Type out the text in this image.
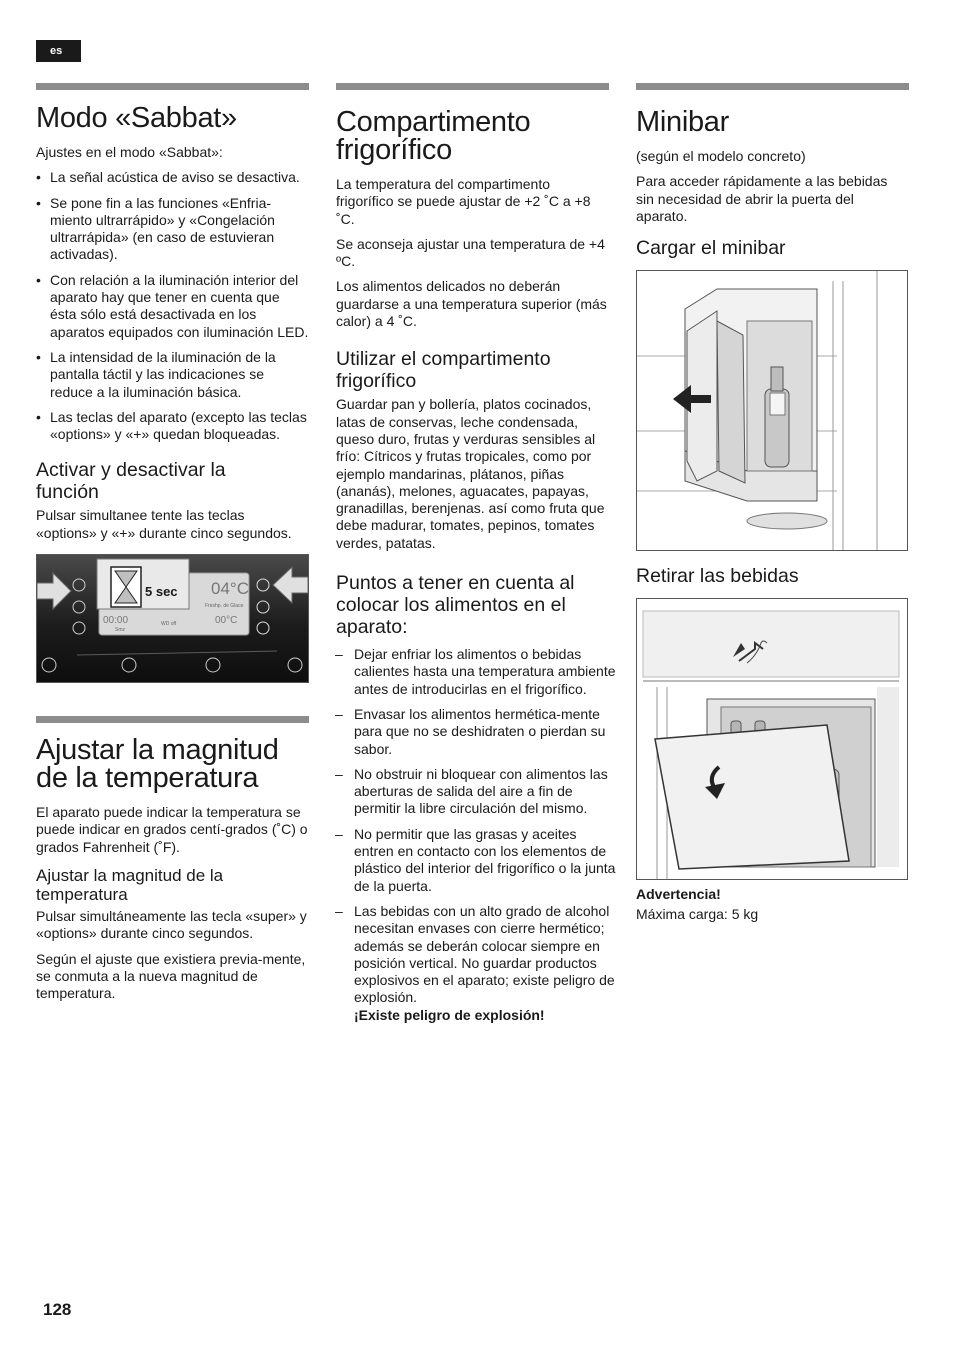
es
Modo «Sabbat»

Ajustes en el modo «Sabbat»:

• La señal acústica de aviso se desactiva.
• Se pone fin a las funciones «Enfria-miento ultrarrápido» y «Congelación ultrarrápida» (en caso de estuvieran activadas).
• Con relación a la iluminación interior del aparato hay que tener en cuenta que ésta sólo está desactivada en los aparatos equipados con iluminación LED.
• La intensidad de la iluminación de la pantalla táctil y las indicaciones se reduce a la iluminación básica.
• Las teclas del aparato (excepto las teclas «options» y «+» quedan bloqueadas.
Activar y desactivar la función

Pulsar simultanee tente las teclas «options» y «+» durante cinco segundos.

5 sec 04°C
Freshp. de Glace
00:00
Smz
WD off	00°C
Ajustar la magnitud de la temperatura

El aparato puede indicar la temperatura se puede indicar en grados centí-grados (˚C) o grados Fahrenheit (˚F).

Ajustar la magnitud de la temperatura

Pulsar simultáneamente las tecla «super» y «options» durante cinco segundos.

Según el ajuste que existiera previa-mente, se conmuta a la nueva magnitud de temperatura.

Compartimento frigorífico

La temperatura del compartimento frigorífico se puede ajustar de +2 ˚C a +8 ˚C.

Se aconseja ajustar una temperatura de +4 ºC.

Los alimentos delicados no deberán guardarse a una temperatura superior (más calor) a 4 ˚C.

Utilizar el compartimento frigorífico

Guardar pan y bollería, platos cocinados, latas de conservas, leche condensada, queso duro, frutas y verduras sensibles al frío: Cítricos y frutas tropicales, como por ejemplo mandarinas, plátanos, piñas (ananás), melones, aguacates, papayas, granadillas, berenjenas. así como fruta que debe madurar, tomates, pepinos, tomates verdes, patatas.

Puntos a tener en cuenta al colocar los alimentos en el aparato:
– Dejar enfriar los alimentos o bebidas calientes hasta una temperatura ambiente antes de introducirlas en el frigorífico.
– Envasar los alimentos hermética-mente para que no se deshidraten o pierdan su sabor.
– No obstruir ni bloquear con alimentos las aberturas de salida del aire a fin de permitir la libre circulación del mismo.
– No permitir que las grasas y aceites entren en contacto con los elementos de plástico del interior del frigorífico o la junta de la puerta.
– Las bebidas con un alto grado de alcohol necesitan envases con cierre hermético; además se deberán colocar siempre en posición vertical. No guardar productos explosivos en el aparato; existe peligro de explosión.
¡Existe peligro de explosión!
Minibar

(según el modelo concreto)

Para acceder rápidamente a las bebidas sin necesidad de abrir la puerta del aparato.

Cargar el minibar
Retirar las bebidas

Advertencia!

Máxima carga: 5 kg

128
